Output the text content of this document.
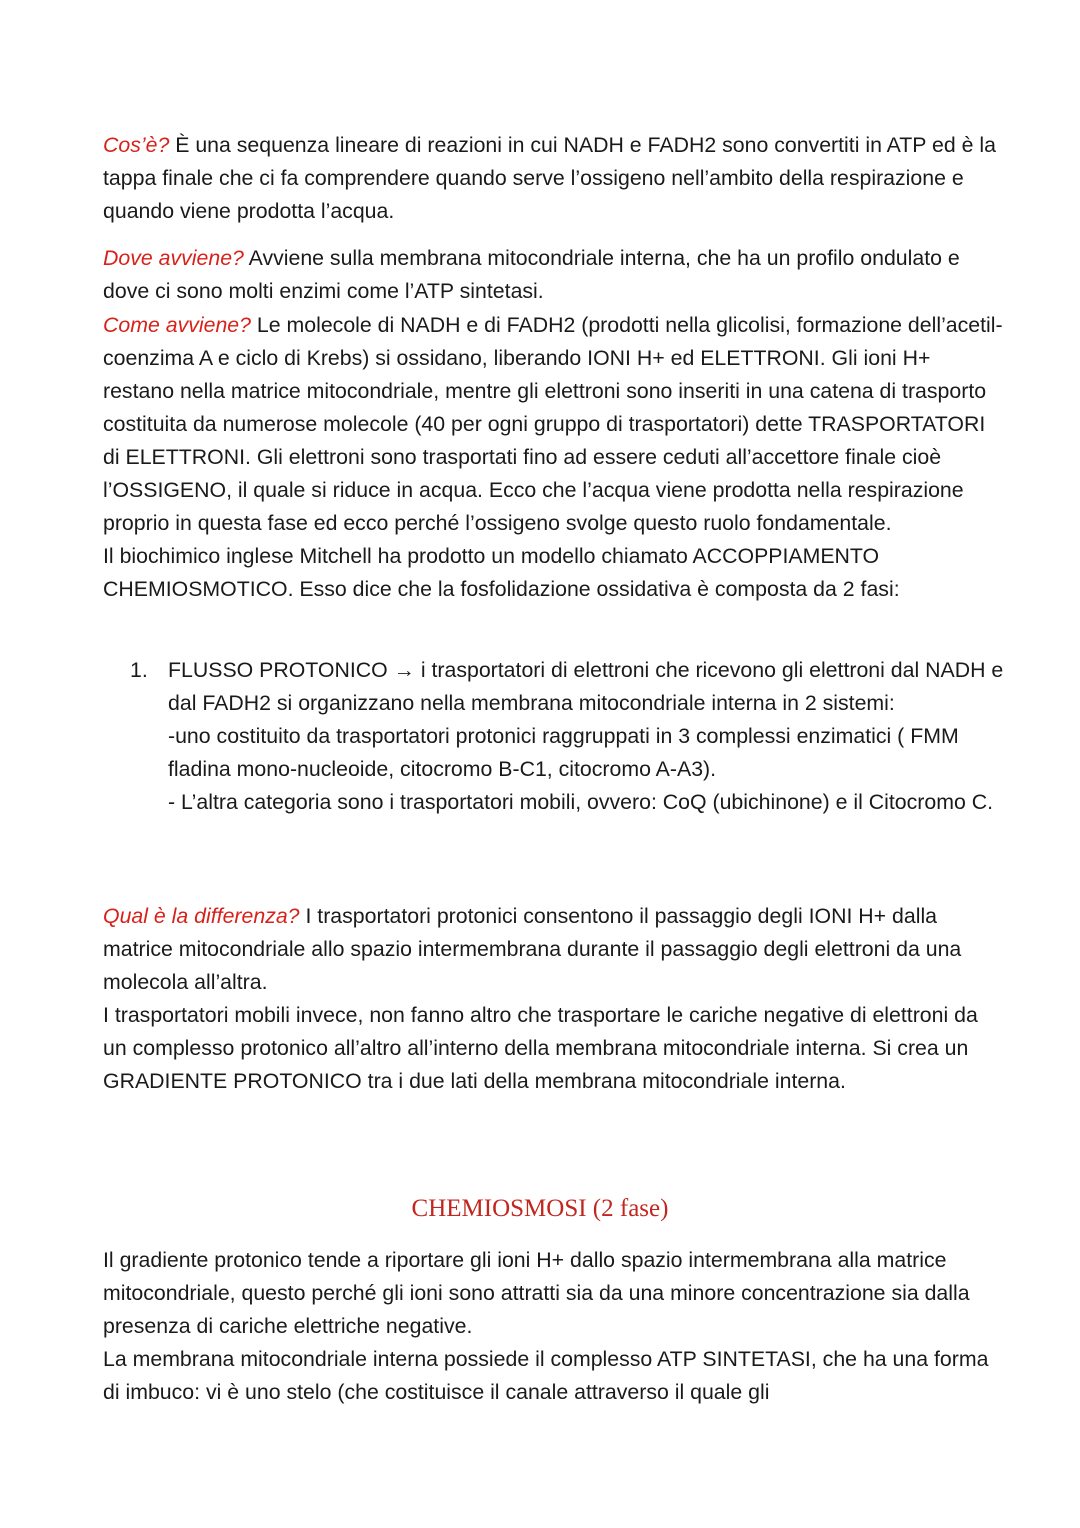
Cos’è? È una sequenza lineare di reazioni in cui NADH e FADH2 sono convertiti in ATP ed è la tappa finale che ci fa comprendere quando serve l’ossigeno nell’ambito della respirazione e quando viene prodotta l’acqua.

Dove avviene? Avviene sulla membrana mitocondriale interna, che ha un profilo ondulato e dove ci sono molti enzimi come l’ATP sintetasi.

Come avviene? Le molecole di NADH e di FADH2 (prodotti nella glicolisi, formazione dell’acetil- coenzima A e ciclo di Krebs) si ossidano, liberando IONI H+ ed ELETTRONI. Gli ioni H+ restano nella matrice mitocondriale, mentre gli elettroni sono inseriti in una catena di trasporto costituita da numerose molecole (40 per ogni gruppo di trasportatori) dette TRASPORTATORI di ELETTRONI. Gli elettroni sono trasportati fino ad essere ceduti all’accettore finale cioè l’OSSIGENO, il quale si riduce in acqua. Ecco che l’acqua viene prodotta nella respirazione proprio in questa fase ed ecco perché l’ossigeno svolge questo ruolo fondamentale.

Il biochimico inglese Mitchell ha prodotto un modello chiamato ACCOPPIAMENTO CHEMIOSMOTICO. Esso dice che la fosfolidazione ossidativa è composta da 2 fasi:

1. FLUSSO PROTONICO → i trasportatori di elettroni che ricevono gli elettroni dal NADH e dal FADH2 si organizzano nella membrana mitocondriale interna in 2 sistemi:

-uno costituito da trasportatori protonici raggruppati in 3 complessi enzimatici ( FMM fladina mono-nucleoide, citocromo B-C1, citocromo A-A3).

- L’altra categoria sono i trasportatori mobili, ovvero: CoQ (ubichinone) e il Citocromo C.

Qual è la differenza? I trasportatori protonici consentono il passaggio degli IONI H+ dalla matrice mitocondriale allo spazio intermembrana durante il passaggio degli elettroni da una molecola all’altra.

I trasportatori mobili invece, non fanno altro che trasportare le cariche negative di elettroni da un complesso protonico all’altro all’interno della membrana mitocondriale interna. Si crea un GRADIENTE PROTONICO tra i due lati della membrana mitocondriale interna.

CHEMIOSMOSI (2 fase)

Il gradiente protonico tende a riportare gli ioni H+ dallo spazio intermembrana alla matrice mitocondriale, questo perché gli ioni sono attratti sia da una minore concentrazione sia dalla presenza di cariche elettriche negative.

La membrana mitocondriale interna possiede il complesso ATP SINTETASI, che ha una forma di imbuco: vi è uno stelo (che costituisce il canale attraverso il quale gli
